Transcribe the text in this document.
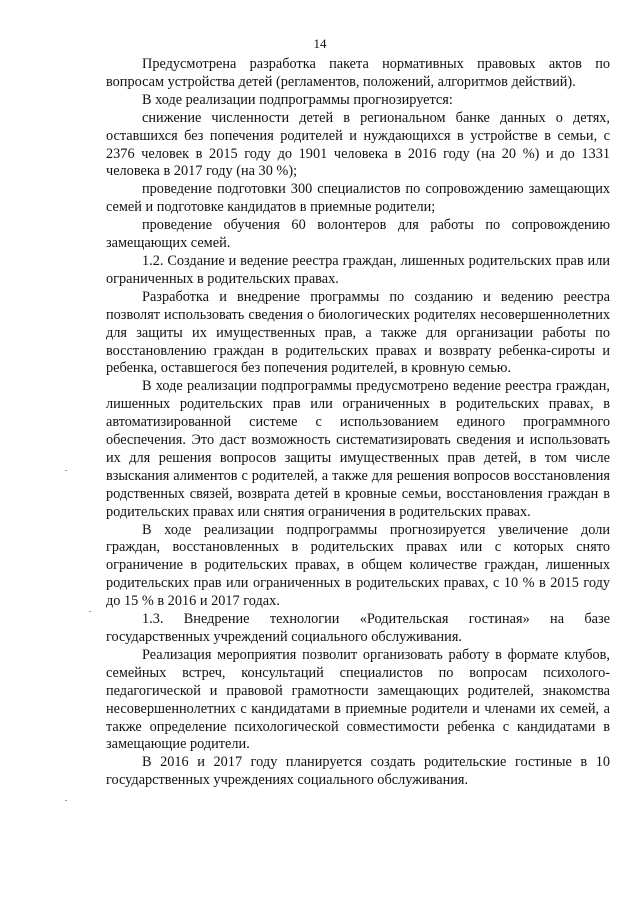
14

Предусмотрена разработка пакета нормативных правовых актов по вопросам устройства детей (регламентов, положений, алгоритмов действий).

В ходе реализации подпрограммы прогнозируется:

снижение численности детей в региональном банке данных о детях, оставшихся без попечения родителей и нуждающихся в устройстве в семьи, с 2376 человек в 2015 году до 1901 человека в 2016 году (на 20 %) и до 1331 человека в 2017 году (на 30 %);

проведение подготовки 300 специалистов по сопровождению замещающих семей и подготовке кандидатов в приемные родители;

проведение обучения 60 волонтеров для работы по сопровождению замещающих семей.

1.2. Создание и ведение реестра граждан, лишенных родительских прав или ограниченных в родительских правах.

Разработка и внедрение программы по созданию и ведению реестра позволят использовать сведения о биологических родителях несовершеннолетних для защиты их имущественных прав, а также для организации работы по восстановлению граждан в родительских правах и возврату ребенка-сироты и ребенка, оставшегося без попечения родителей, в кровную семью.

В ходе реализации подпрограммы предусмотрено ведение реестра граждан, лишенных родительских прав или ограниченных в родительских правах, в автоматизированной системе с использованием единого программного обеспечения. Это даст возможность систематизировать сведения и использовать их для решения вопросов защиты имущественных прав детей, в том числе взыскания алиментов с родителей, а также для решения вопросов восстановления родственных связей, возврата детей в кровные семьи, восстановления граждан в родительских правах или снятия ограничения в родительских правах.

В ходе реализации подпрограммы прогнозируется увеличение доли граждан, восстановленных в родительских правах или с которых снято ограничение в родительских правах, в общем количестве граждан, лишенных родительских прав или ограниченных в родительских правах, с 10 % в 2015 году до 15 % в 2016 и 2017 годах.

1.3. Внедрение технологии «Родительская гостиная» на базе государственных учреждений социального обслуживания.

Реализация мероприятия позволит организовать работу в формате клубов, семейных встреч, консультаций специалистов по вопросам психолого-педагогической и правовой грамотности замещающих родителей, знакомства несовершеннолетних с кандидатами в приемные родители и членами их семей, а также определение психологической совместимости ребенка с кандидатами в замещающие родители.

В 2016 и 2017 году планируется создать родительские гостиные в 10 государственных учреждениях социального обслуживания.
